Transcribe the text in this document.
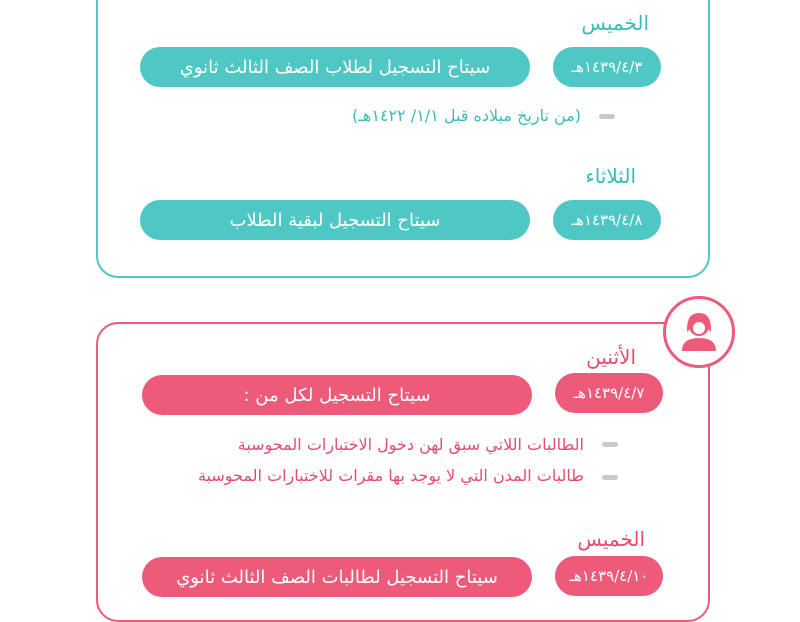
الخميس
١٤٣٩/٤/٣هـ
سيتاح التسجيل لطلاب الصف الثالث ثانوي
(من تاريخ ميلاده قبل ١/١/ ١٤٢٢هـ)
الثلاثاء
١٤٣٩/٤/٨هـ
سيتاح التسجيل لبقية الطلاب
الأثنين
١٤٣٩/٤/٧هـ
سيتاح التسجيل لكل من :
الطالبات اللاتي سبق لهن دخول الاختبارات المحوسبة
طالبات المدن التي لا يوجد بها مقرات للاختبارات المحوسبة
الخميس
١٤٣٩/٤/١٠هـ
سيتاح التسجيل لطالبات الصف الثالث ثانوي
